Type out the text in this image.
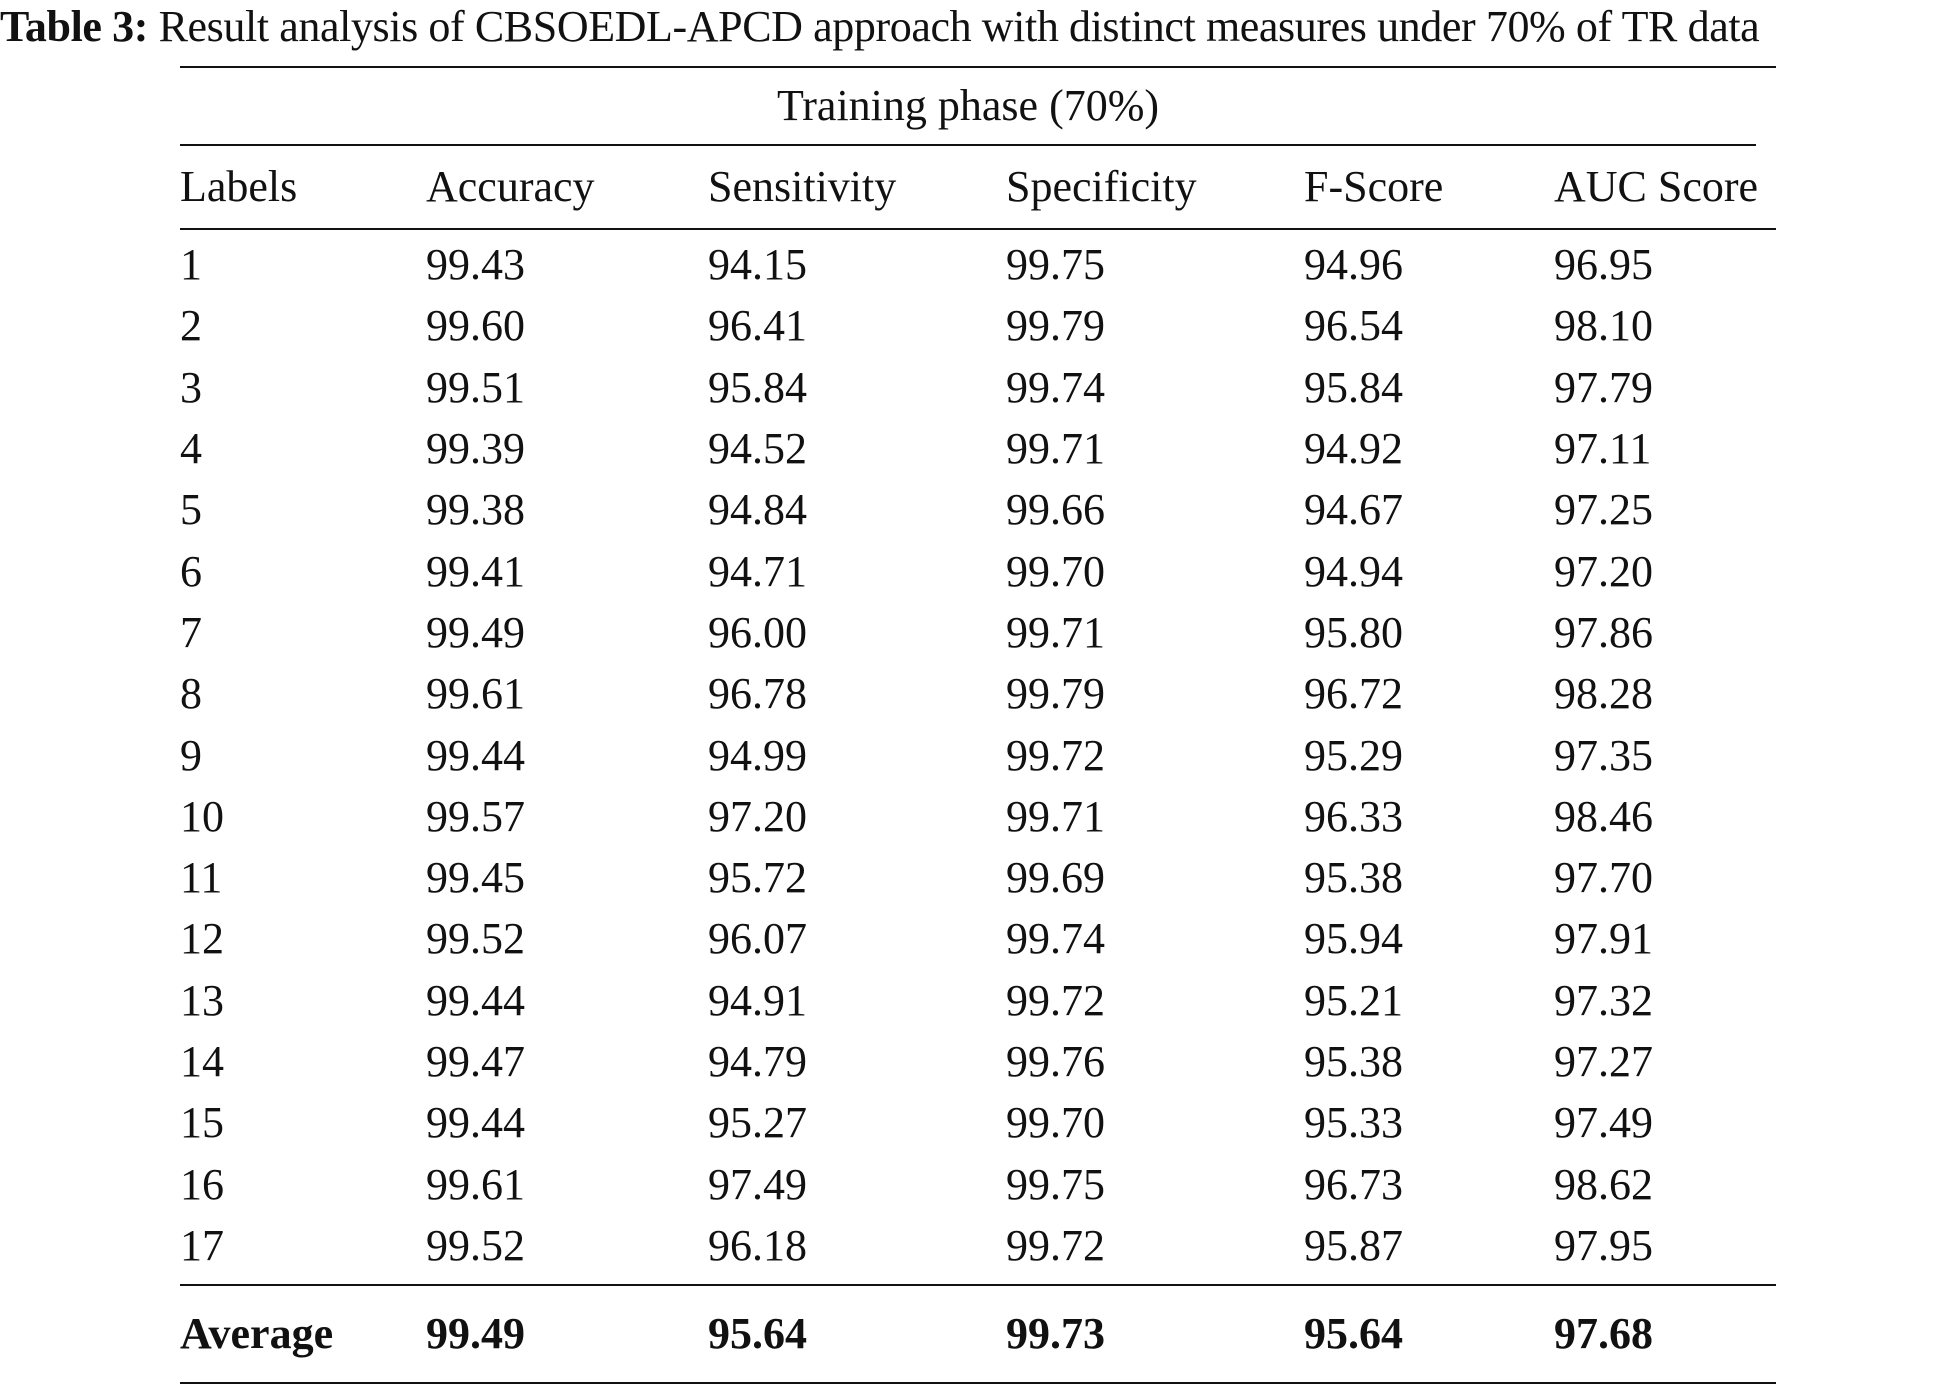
Table 3: Result analysis of CBSOEDL-APCD approach with distinct measures under 70% of TR data
Training phase (70%)					

Labels	Accuracy	Sensitivity	Specificity	F-Score	AUC Score
1	99.43	94.15	99.75	94.96	96.95
2	99.60	96.41	99.79	96.54	98.10
3	99.51	95.84	99.74	95.84	97.79
4	99.39	94.52	99.71	94.92	97.11
5	99.38	94.84	99.66	94.67	97.25
6	99.41	94.71	99.70	94.94	97.20
7	99.49	96.00	99.71	95.80	97.86
8	99.61	96.78	99.79	96.72	98.28
9	99.44	94.99	99.72	95.29	97.35
10	99.57	97.20	99.71	96.33	98.46
11	99.45	95.72	99.69	95.38	97.70
12	99.52	96.07	99.74	95.94	97.91
13	99.44	94.91	99.72	95.21	97.32
14	99.47	94.79	99.76	95.38	97.27
15	99.44	95.27	99.70	95.33	97.49
16	99.61	97.49	99.75	96.73	98.62
17	99.52	96.18	99.72	95.87	97.95
Average	99.49	95.64	99.73	95.64	97.68
